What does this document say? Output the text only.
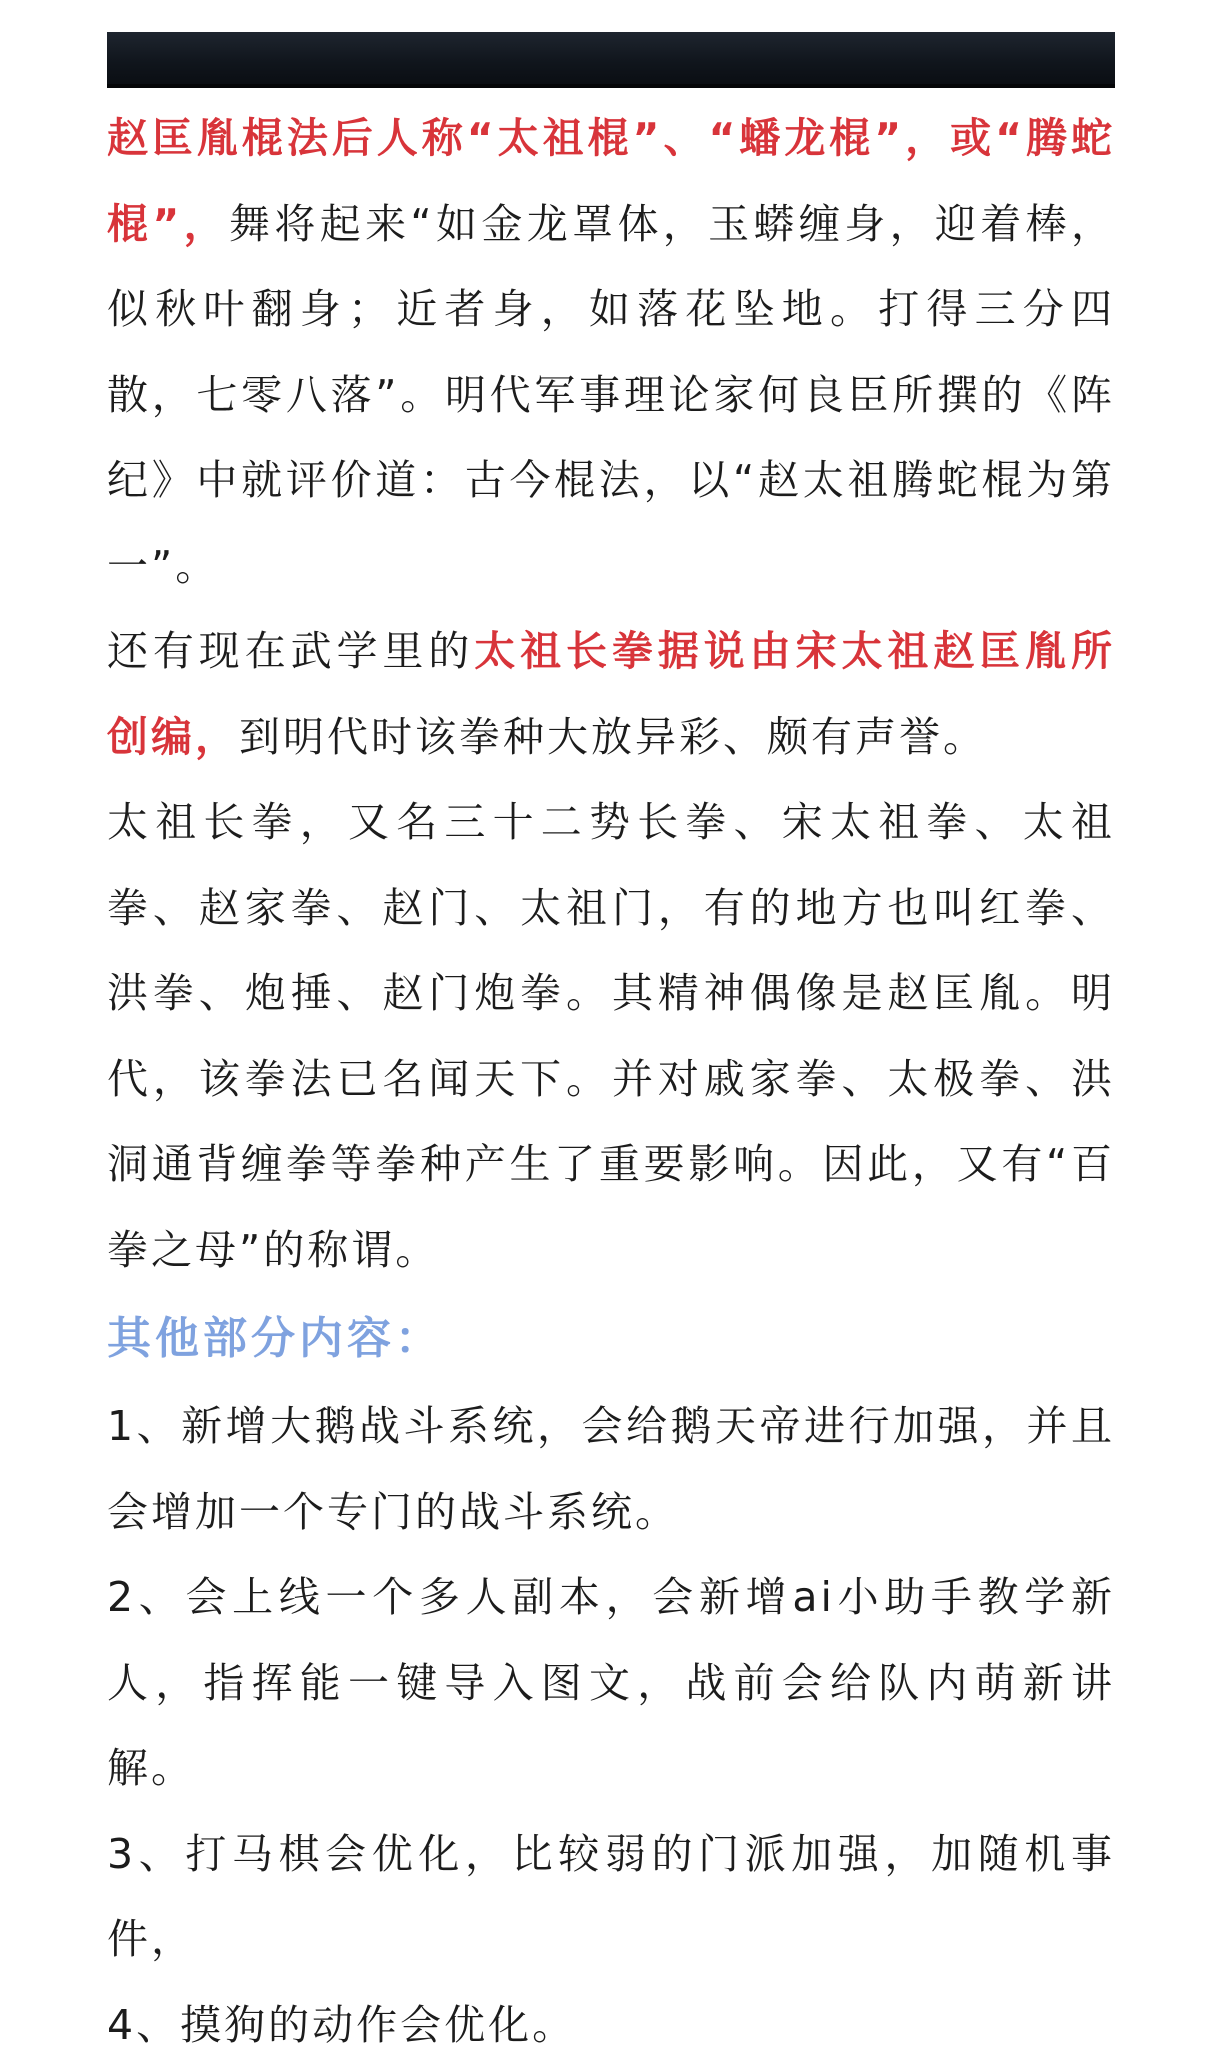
赵匡胤棍法后人称“太祖棍”、“蟠龙棍”，或“腾蛇棍”，舞将起来“如金龙罩体，玉蟒缠身，迎着棒，似秋叶翻身；近者身，如落花坠地。打得三分四散，七零八落”。明代军事理论家何良臣所撰的《阵纪》中就评价道：古今棍法，以“赵太祖腾蛇棍为第一”。

还有现在武学里的太祖长拳据说由宋太祖赵匡胤所创编，到明代时该拳种大放异彩、颇有声誉。

太祖长拳，又名三十二势长拳、宋太祖拳、太祖拳、赵家拳、赵门、太祖门，有的地方也叫红拳、洪拳、炮捶、赵门炮拳。其精神偶像是赵匡胤。明代，该拳法已名闻天下。并对戚家拳、太极拳、洪洞通背缠拳等拳种产生了重要影响。因此，又有“百拳之母”的称谓。

其他部分内容：

1、新增大鹅战斗系统，会给鹅天帝进行加强，并且会增加一个专门的战斗系统。

2、会上线一个多人副本，会新增ai小助手教学新人，指挥能一键导入图文，战前会给队内萌新讲解。

3、打马棋会优化，比较弱的门派加强，加随机事件，

4、摸狗的动作会优化。
